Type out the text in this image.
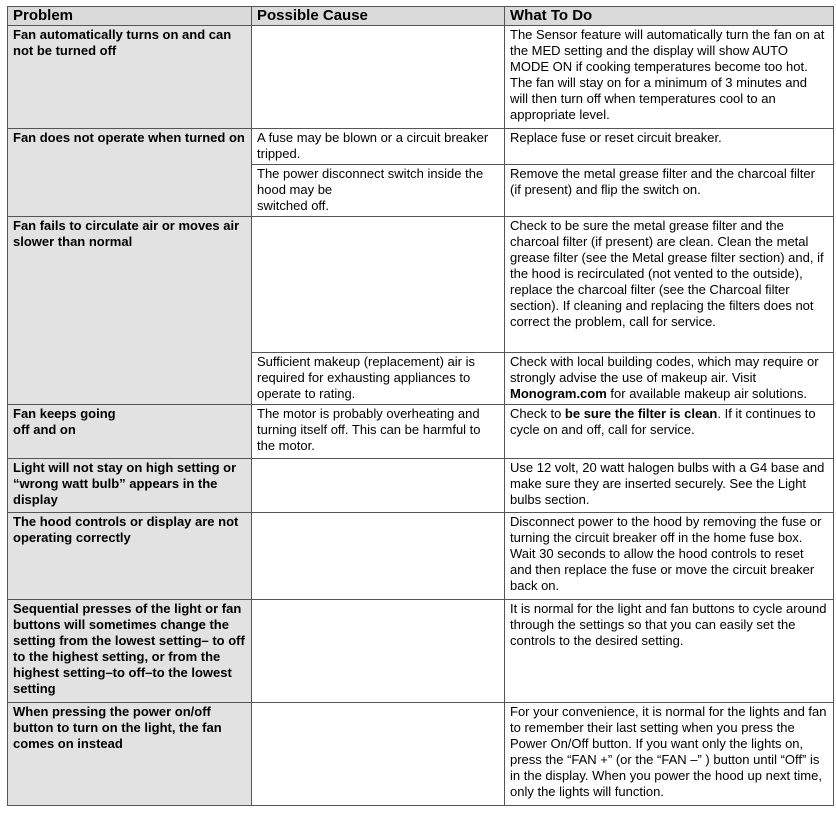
Problem	Possible Cause	What To Do
Fan automatically turns on and can not be turned off		The Sensor feature will automatically turn the fan on at the MED setting and the display will show AUTO MODE ON if cooking temperatures become too hot. The fan will stay on for a minimum of 3 minutes and will then turn off when temperatures cool to an appropriate level.
Fan does not operate when turned on	A fuse may be blown or a circuit breaker tripped.	Replace fuse or reset circuit breaker.
	The power disconnect switch inside the hood may be
switched off.	Remove the metal grease filter and the charcoal filter (if present) and flip the switch on.
Fan fails to circulate air or moves air slower than normal		Check to be sure the metal grease filter and the charcoal filter (if present) are clean. Clean the metal grease filter (see the Metal grease filter section) and, if the hood is recirculated (not vented to the outside), replace the charcoal filter (see the Charcoal filter section). If cleaning and replacing the filters does not correct the problem, call for service.
	Sufficient makeup (replacement) air is required for exhausting appliances to operate to rating.	Check with local building codes, which may require or strongly advise the use of makeup air. Visit Monogram.com for available makeup air solutions.
Fan keeps going
off and on	The motor is probably overheating and turning itself off. This can be harmful to the motor.	Check to be sure the filter is clean. If it continues to cycle on and off, call for service.
Light will not stay on high setting or “wrong watt bulb” appears in the display		Use 12 volt, 20 watt halogen bulbs with a G4 base and make sure they are inserted securely. See the Light bulbs section.
The hood controls or display are not operating correctly		Disconnect power to the hood by removing the fuse or turning the circuit breaker off in the home fuse box. Wait 30 seconds to allow the hood controls to reset and then replace the fuse or move the circuit breaker back on.
Sequential presses of the light or fan buttons will sometimes change the setting from the lowest setting– to off to the highest setting, or from the highest setting–to off–to the lowest setting		It is normal for the light and fan buttons to cycle around through the settings so that you can easily set the controls to the desired setting.
When pressing the power on/off button to turn on the light, the fan comes on instead		For your convenience, it is normal for the lights and fan to remember their last setting when you press the Power On/Off button. If you want only the lights on, press the “FAN +” (or the “FAN –” ) button until “Off” is in the display. When you power the hood up next time, only the lights will function.
